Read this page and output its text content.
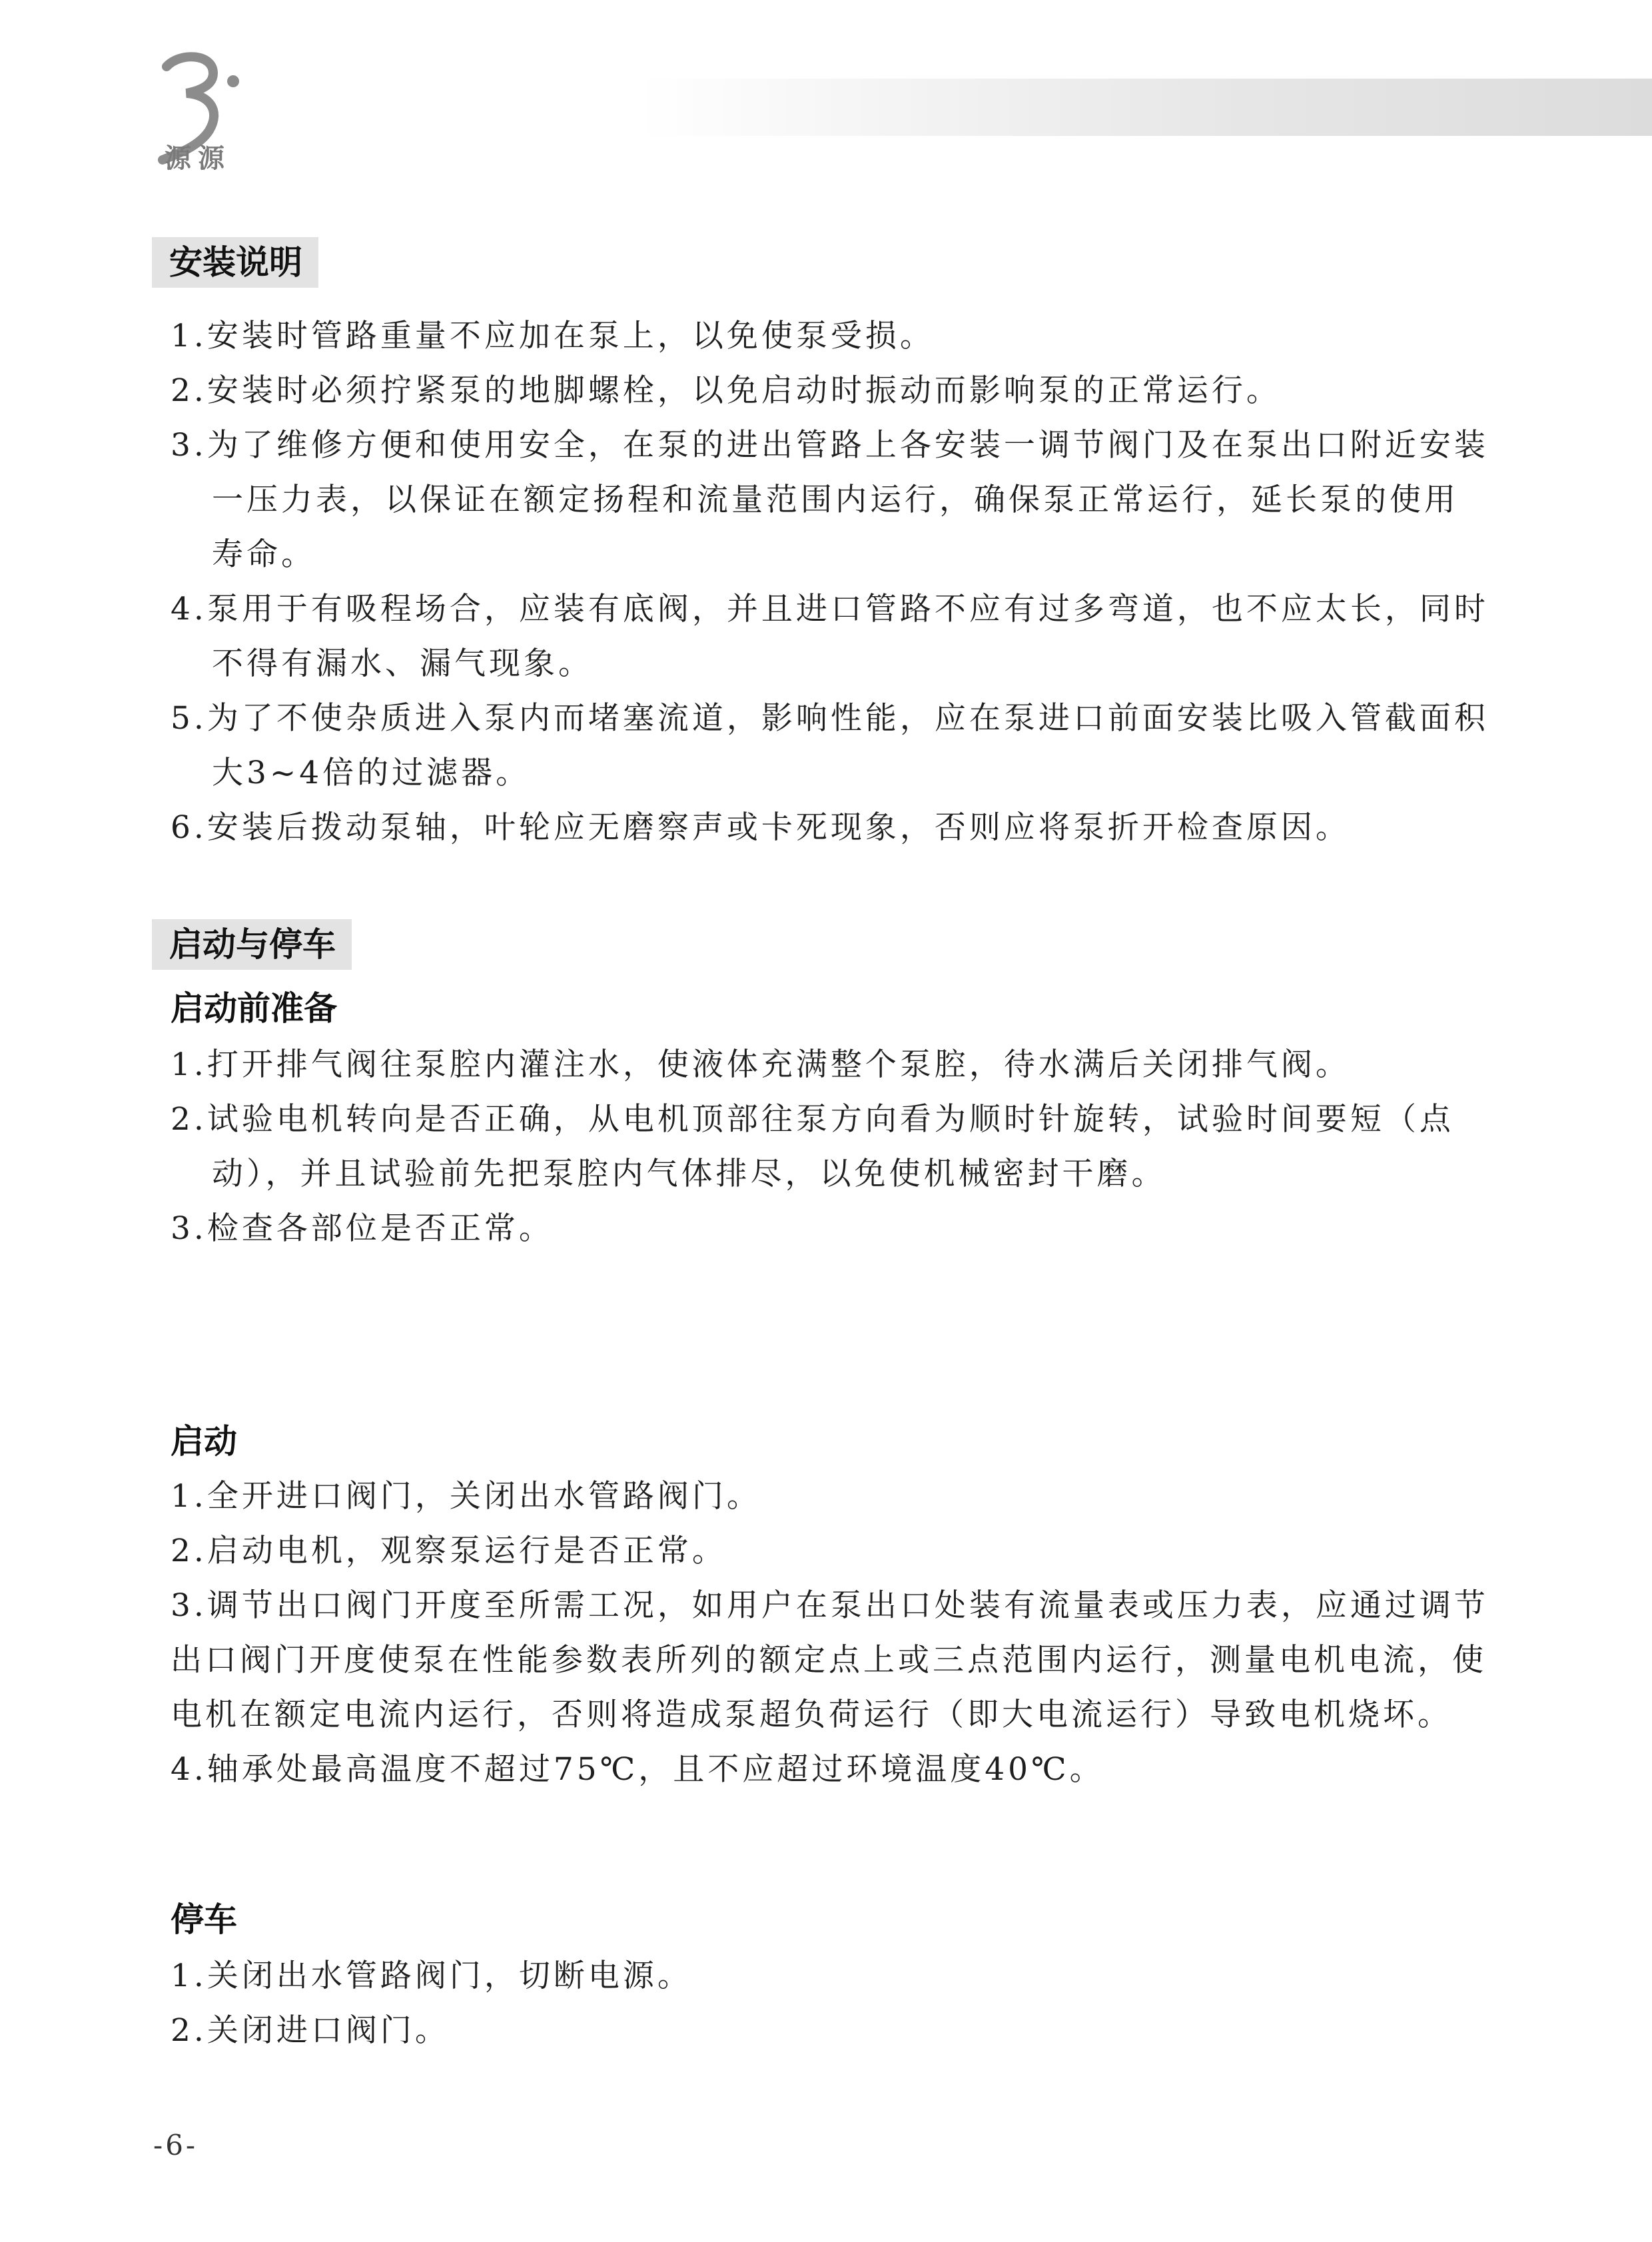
源源
安装说明
1.安装时管路重量不应加在泵上，以免使泵受损。
2.安装时必须拧紧泵的地脚螺栓，以免启动时振动而影响泵的正常运行。
3.为了维修方便和使用安全，在泵的进出管路上各安装一调节阀门及在泵出口附近安装一压力表，以保证在额定扬程和流量范围内运行，确保泵正常运行，延长泵的使用寿命。
4.泵用于有吸程场合，应装有底阀，并且进口管路不应有过多弯道，也不应太长，同时不得有漏水、漏气现象。
5.为了不使杂质进入泵内而堵塞流道，影响性能，应在泵进口前面安装比吸入管截面积大3~4倍的过滤器。
6.安装后拨动泵轴，叶轮应无磨察声或卡死现象，否则应将泵折开检查原因。
启动与停车
启动前准备
1.打开排气阀往泵腔内灌注水，使液体充满整个泵腔，待水满后关闭排气阀。
2.试验电机转向是否正确，从电机顶部往泵方向看为顺时针旋转，试验时间要短（点动），并且试验前先把泵腔内气体排尽，以免使机械密封干磨。
3.检查各部位是否正常。
启动
1.全开进口阀门，关闭出水管路阀门。
2.启动电机，观察泵运行是否正常。
3.调节出口阀门开度至所需工况，如用户在泵出口处装有流量表或压力表，应通过调节出口阀门开度使泵在性能参数表所列的额定点上或三点范围内运行，测量电机电流，使电机在额定电流内运行，否则将造成泵超负荷运行（即大电流运行）导致电机烧坏。
4.轴承处最高温度不超过75℃，且不应超过环境温度40℃。
停车
1.关闭出水管路阀门，切断电源。
2.关闭进口阀门。
-6-
